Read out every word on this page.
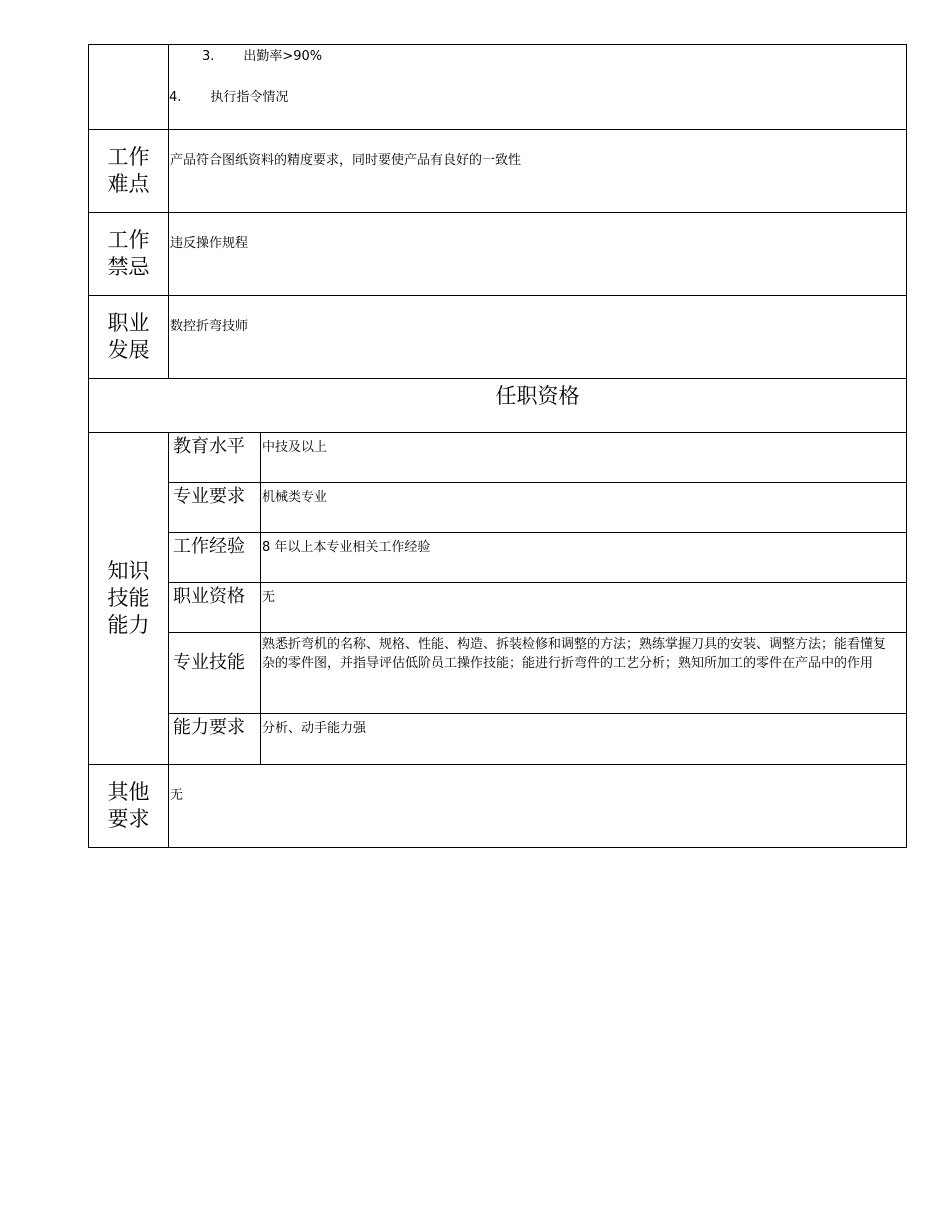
	3. 出勤率>90%
4. 执行指令情况	

工作难点	产品符合图纸资料的精度要求，同时要使产品有良好的一致性	
工作禁忌	违反操作规程	
职业发展	数控折弯技师	
任职资格		
知识技能能力	教育水平	中技及以上
	专业要求	机械类专业
	工作经验	8 年以上本专业相关工作经验
	职业资格	无
	专业技能	熟悉折弯机的名称、规格、性能、构造、拆装检修和调整的方法；熟练掌握刀具的安装、调整方法；能看懂复杂的零件图，并指导评估低阶员工操作技能；能进行折弯件的工艺分析；熟知所加工的零件在产品中的作用
	能力要求	分析、动手能力强
其他要求	无	
